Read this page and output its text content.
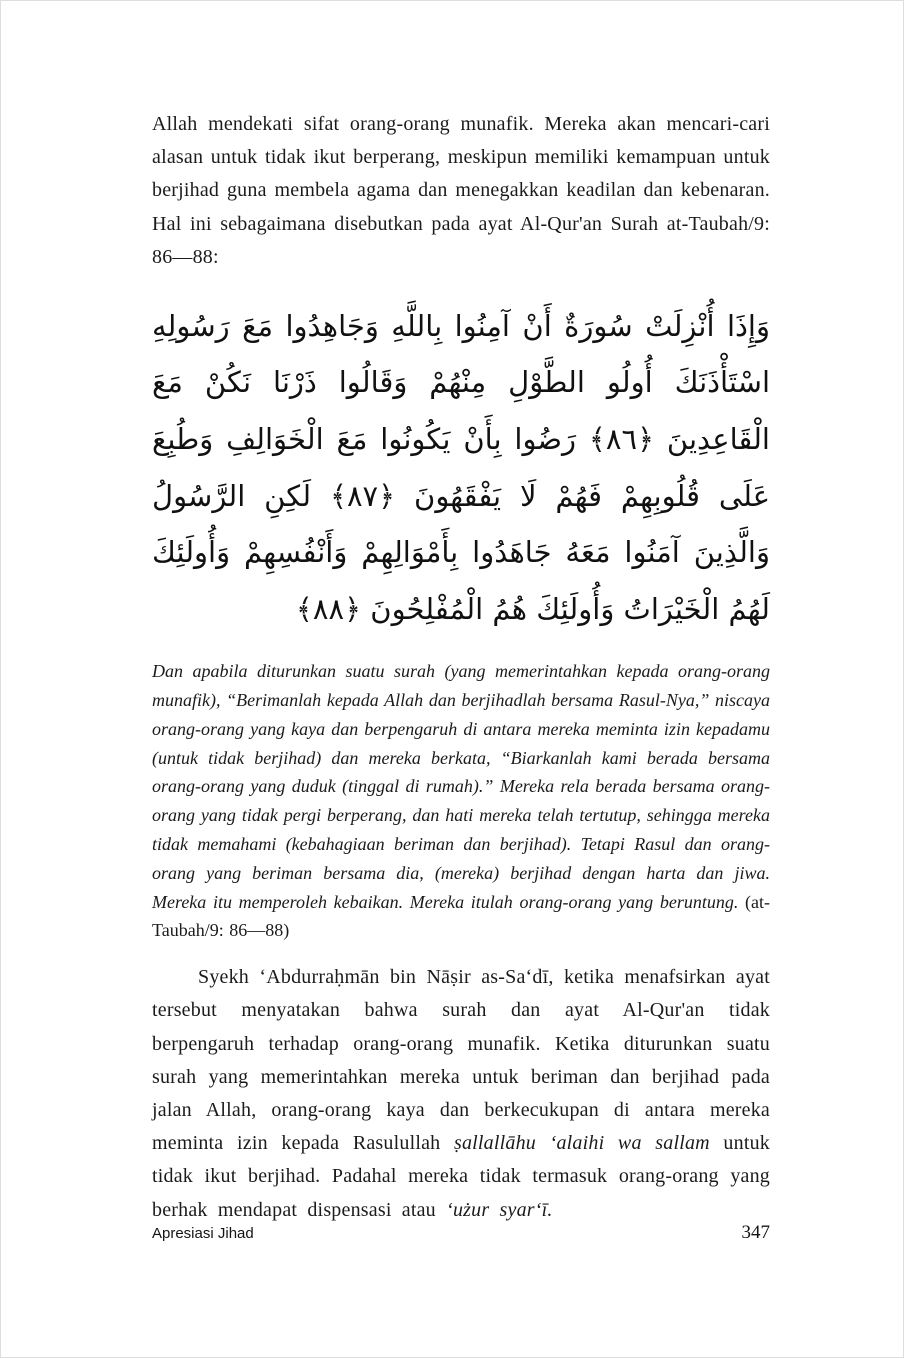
Allah mendekati sifat orang-orang munafik. Mereka akan mencari-cari alasan untuk tidak ikut berperang, meskipun memiliki kemampuan untuk berjihad guna membela agama dan menegakkan keadilan dan kebenaran. Hal ini sebagaimana disebutkan pada ayat Al-Qur'an Surah at-Taubah/9: 86—88:

وَإِذَا أُنْزِلَتْ سُورَةٌ أَنْ آمِنُوا بِاللَّهِ وَجَاهِدُوا مَعَ رَسُولِهِ اسْتَأْذَنَكَ أُولُو الطَّوْلِ مِنْهُمْ وَقَالُوا ذَرْنَا نَكُنْ مَعَ الْقَاعِدِينَ ﴿٨٦﴾ رَضُوا بِأَنْ يَكُونُوا مَعَ الْخَوَالِفِ وَطُبِعَ عَلَى قُلُوبِهِمْ فَهُمْ لَا يَفْقَهُونَ ﴿٨٧﴾ لَكِنِ الرَّسُولُ وَالَّذِينَ آمَنُوا مَعَهُ جَاهَدُوا بِأَمْوَالِهِمْ وَأَنْفُسِهِمْ وَأُولَئِكَ لَهُمُ الْخَيْرَاتُ وَأُولَئِكَ هُمُ الْمُفْلِحُونَ ﴿٨٨﴾

Dan apabila diturunkan suatu surah (yang memerintahkan kepada orang-orang munafik), “Berimanlah kepada Allah dan berjihadlah bersama Rasul-Nya,” niscaya orang-orang yang kaya dan berpengaruh di antara mereka meminta izin kepadamu (untuk tidak berjihad) dan mereka berkata, “Biarkanlah kami berada bersama orang-orang yang duduk (tinggal di rumah).” Mereka rela berada bersama orang-orang yang tidak pergi berperang, dan hati mereka telah tertutup, sehingga mereka tidak memahami (kebahagiaan beriman dan berjihad). Tetapi Rasul dan orang-orang yang beriman bersama dia, (mereka) berjihad dengan harta dan jiwa. Mereka itu memperoleh kebaikan. Mereka itulah orang-orang yang beruntung. (at-Taubah/9: 86—88)

Syekh ‘Abdurraḥmān bin Nāṣir as-Sa‘dī, ketika menafsirkan ayat tersebut menyatakan bahwa surah dan ayat Al-Qur'an tidak berpengaruh terhadap orang-orang munafik. Ketika diturunkan suatu surah yang memerintahkan mereka untuk beriman dan berjihad pada jalan Allah, orang-orang kaya dan berkecukupan di antara mereka meminta izin kepada Rasulullah ṣallallāhu ‘alaihi wa sallam untuk tidak ikut berjihad. Padahal mereka tidak termasuk orang-orang yang berhak mendapat dispensasi atau ‘użur syar‘ī.

Apresiasi Jihad	347
